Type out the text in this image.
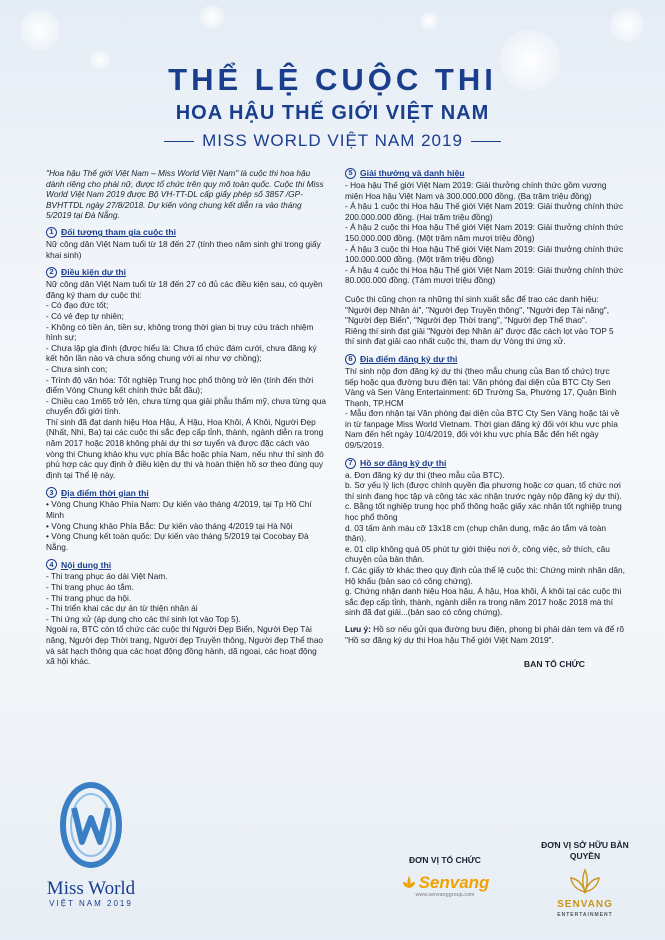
THỂ LỆ CUỘC THI
HOA HẬU THẾ GIỚI VIỆT NAM
MISS WORLD VIỆT NAM 2019
"Hoa hậu Thế giới Việt Nam – Miss World Việt Nam" là cuộc thi hoa hậu dành riêng cho phái nữ, được tổ chức trên quy mô toàn quốc. Cuộc thi Miss World Việt Nam 2019 được Bộ VH-TT-DL cấp giấy phép số 3857 /GP-BVHTTDL ngày 27/8/2018. Dự kiến vòng chung kết diễn ra vào tháng 5/2019 tại Đà Nẵng.
1 Đối tượng tham gia cuộc thi
Nữ công dân Việt Nam tuổi từ 18 đến 27 (tính theo năm sinh ghi trong giấy khai sinh)
2 Điều kiện dự thi
Nữ công dân Việt Nam tuổi từ 18 đến 27 có đủ các điều kiện sau, có quyền đăng ký tham dự cuộc thi:
- Có đạo đức tốt;
- Có vẻ đẹp tự nhiên;
- Không có tiền án, tiền sự, không trong thời gian bị truy cứu trách nhiệm hình sự;
- Chưa lập gia đình (được hiểu là: Chưa tổ chức đám cưới, chưa đăng ký kết hôn lần nào và chưa sống chung với ai như vợ chồng);
- Chưa sinh con;
- Trình độ văn hóa: Tốt nghiệp Trung học phổ thông trở lên (tính đến thời điểm Vòng Chung kết chính thức bắt đầu);
- Chiều cao 1m65 trở lên, chưa từng qua giải phẫu thẩm mỹ, chưa từng qua chuyển đổi giới tính.
Thí sinh đã đạt danh hiệu Hoa Hậu, Á Hậu, Hoa Khôi, Á Khôi, Người Đẹp (Nhất, Nhì, Ba) tại các cuộc thi sắc đẹp cấp tỉnh, thành, ngành diễn ra trong năm 2017 hoặc 2018 không phải dự thi sơ tuyển và được đặc cách vào vòng thi Chung khảo khu vực phía Bắc hoặc phía Nam, nếu như thí sinh đó phù hợp các quy định ở điều kiện dự thi và hoàn thiện hồ sơ theo đúng quy định tại Thể lệ này.
3 Địa điểm thời gian thi
• Vòng Chung Khảo Phía Nam: Dự kiến vào tháng 4/2019, tại Tp Hồ Chí Minh
• Vòng Chung khảo Phía Bắc: Dự kiến vào tháng 4/2019 tại Hà Nội
• Vòng Chung kết toàn quốc: Dự kiến vào tháng 5/2019 tại Cocobay Đà Nẵng.
4 Nội dung thi
- Thi trang phục áo dài Việt Nam.
- Thi trang phục áo tắm.
- Thi trang phục dạ hội.
- Thi triển khai các dự án từ thiện nhân ái
- Thi ứng xử (áp dụng cho các thí sinh lọt vào Top 5).
Ngoài ra, BTC còn tổ chức các cuộc thi Người Đẹp Biển, Người Đẹp Tài năng, Người đẹp Thời trang, Người đẹp Truyền thông, Người đẹp Thể thao và sát hạch thông qua các hoạt động đồng hành, dã ngoại, các hoạt động xã hội khác.
5 Giải thưởng và danh hiệu
- Hoa hậu Thế giới Việt Nam 2019: Giải thưởng chính thức gồm vương miện Hoa hậu Việt Nam và 300.000.000 đồng. (Ba trăm triệu đồng)
- Á hậu 1 cuộc thi Hoa hậu Thế giới Việt Nam 2019: Giải thưởng chính thức 200.000.000 đồng. (Hai trăm triệu đồng)
- Á hậu 2 cuộc thi Hoa hậu Thế giới Việt Nam 2019: Giải thưởng chính thức 150.000.000 đồng. (Một trăm năm mươi triệu đồng)
- Á hậu 3 cuộc thi Hoa hậu Thế giới Việt Nam 2019: Giải thưởng chính thức 100.000.000 đồng. (Một trăm triệu đồng)
- Á hậu 4 cuộc thi Hoa hậu Thế giới Việt Nam 2019: Giải thưởng chính thức 80.000.000 đồng. (Tám mươi triệu đồng)
Cuộc thi cũng chọn ra những thí sinh xuất sắc để trao các danh hiệu: "Người đẹp Nhân ái", "Người đẹp Truyền thông", "Người đẹp Tài năng", "Người đẹp Biển", "Người đẹp Thời trang", "Người đẹp Thể thao".
Riêng thí sinh đạt giải "Người đẹp Nhân ái" được đặc cách lọt vào TOP 5 thí sinh đạt giải cao nhất cuộc thi, tham dự Vòng thi ứng xử.
6 Địa điểm đăng ký dự thi
Thí sinh nộp đơn đăng ký dự thi (theo mẫu chung của Ban tổ chức) trực tiếp hoặc qua đường bưu điện tại: Văn phòng đại diện của BTC Cty Sen Vàng và Sen Vàng Entertainment: 6D Trường Sa, Phường 17, Quận Bình Thạnh, TP.HCM
- Mẫu đơn nhận tại Văn phòng đại diện của BTC Cty Sen Vàng hoặc tải về in từ fanpage Miss World Vietnam. Thời gian đăng ký đối với khu vực phía Nam đến hết ngày 10/4/2019, đối với khu vực phía Bắc đến hết ngày 09/5/2019.
7 Hồ sơ đăng ký dự thi
a. Đơn đăng ký dự thi (theo mẫu của BTC).
b. Sơ yếu lý lịch (được chính quyền địa phương hoặc cơ quan, tổ chức nơi thí sinh đang học tập và công tác xác nhận trước ngày nộp đăng ký dự thi).
c. Bằng tốt nghiệp trung học phổ thông hoặc giấy xác nhận tốt nghiệp trung học phổ thông
d. 03 tấm ảnh màu cỡ 13x18 cm (chụp chân dung, mặc áo tắm và toàn thân).
e. 01 clip không quá 05 phút tự giới thiệu nơi ở, công việc, sở thích, câu chuyện của bản thân.
f. Các giấy tờ khác theo quy định của thể lệ cuộc thi: Chứng minh nhân dân, Hộ khẩu (bản sao có công chứng).
g. Chứng nhận danh hiệu Hoa hậu, Á hậu, Hoa khôi, Á khôi tại các cuộc thi sắc đẹp cấp tỉnh, thành, ngành diễn ra trong năm 2017 hoặc 2018 mà thí sinh đã đạt giải...(bản sao có công chứng).
Lưu ý: Hồ sơ nếu gửi qua đường bưu điện, phong bì phải dán tem và để rõ "Hồ sơ đăng ký dự thi Hoa hậu Thế giới Việt Nam 2019".
BAN TỔ CHỨC
Miss World
VIỆT NAM 2019
ĐƠN VỊ TỔ CHỨC
Senvang
www.senvanggroup.com
ĐƠN VỊ SỞ HỮU BẢN QUYỀN
SENVANG
ENTERTAINMENT
